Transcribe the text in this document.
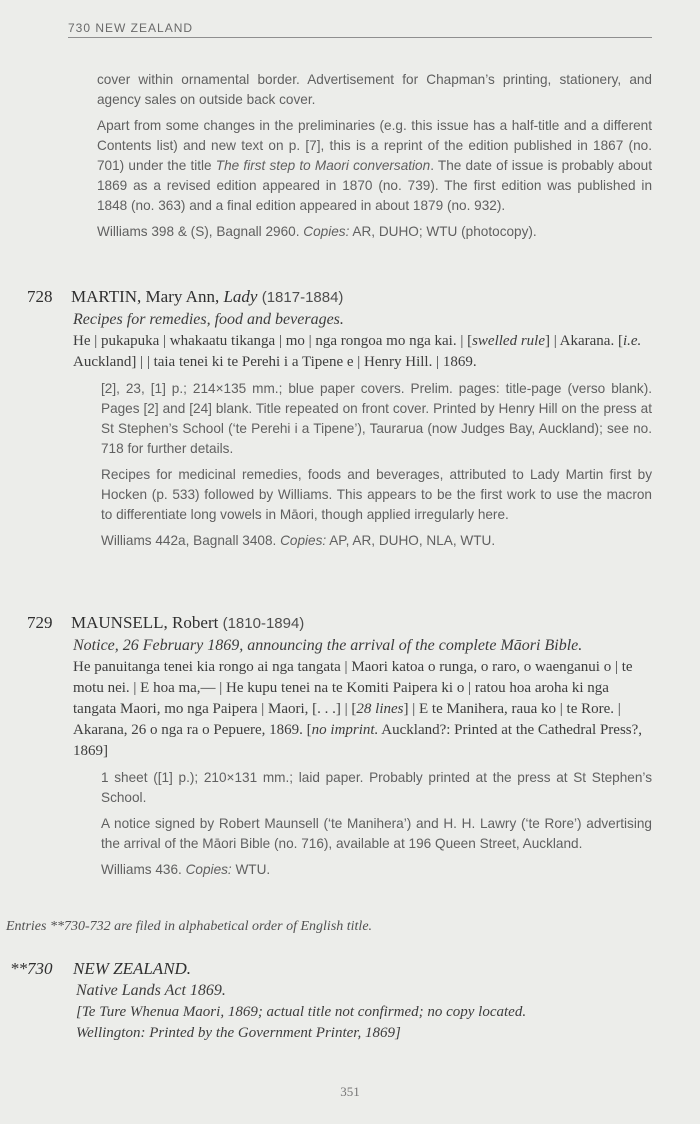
730 NEW ZEALAND

cover within ornamental border. Advertisement for Chapman’s printing, stationery, and agency sales on outside back cover.

Apart from some changes in the preliminaries (e.g. this issue has a half-title and a different Contents list) and new text on p. [7], this is a reprint of the edition published in 1867 (no. 701) under the title The first step to Maori conversation. The date of issue is probably about 1869 as a revised edition appeared in 1870 (no. 739). The first edition was published in 1848 (no. 363) and a final edition appeared in about 1879 (no. 932).

Williams 398 & (S), Bagnall 2960. Copies: AR, DUHO; WTU (photocopy).

728 MARTIN, Mary Ann, Lady (1817-1884)
Recipes for remedies, food and beverages.
He | pukapuka | whakaatu tikanga | mo | nga rongoa mo nga kai. | [swelled rule] | Akarana. [i.e. Auckland] | | taia tenei ki te Perehi i a Tipene e | Henry Hill. | 1869.

[2], 23, [1] p.; 214×135 mm.; blue paper covers. Prelim. pages: title-page (verso blank). Pages [2] and [24] blank. Title repeated on front cover. Printed by Henry Hill on the press at St Stephen’s School (‘te Perehi i a Tipene’), Taurarua (now Judges Bay, Auckland); see no. 718 for further details.

Recipes for medicinal remedies, foods and beverages, attributed to Lady Martin first by Hocken (p. 533) followed by Williams. This appears to be the first work to use the macron to differentiate long vowels in Māori, though applied irregularly here.

Williams 442a, Bagnall 3408. Copies: AP, AR, DUHO, NLA, WTU.

729 MAUNSELL, Robert (1810-1894)
Notice, 26 February 1869, announcing the arrival of the complete Māori Bible.
He panuitanga tenei kia rongo ai nga tangata | Maori katoa o runga, o raro, o waenganui o | te motu nei. | E hoa ma,— | He kupu tenei na te Komiti Paipera ki o | ratou hoa aroha ki nga tangata Maori, mo nga Paipera | Maori, [. . .] | [28 lines] | E te Manihera, raua ko | te Rore. | Akarana, 26 o nga ra o Pepuere, 1869. [no imprint. Auckland?: Printed at the Cathedral Press?, 1869]

1 sheet ([1] p.); 210×131 mm.; laid paper. Probably printed at the press at St Stephen’s School.

A notice signed by Robert Maunsell (‘te Manihera’) and H. H. Lawry (‘te Rore’) advertising the arrival of the Māori Bible (no. 716), available at 196 Queen Street, Auckland.

Williams 436. Copies: WTU.

Entries **730-732 are filed in alphabetical order of English title.
**730 NEW ZEALAND.
Native Lands Act 1869.
[Te Ture Whenua Maori, 1869; actual title not confirmed; no copy located.
Wellington: Printed by the Government Printer, 1869]
351
